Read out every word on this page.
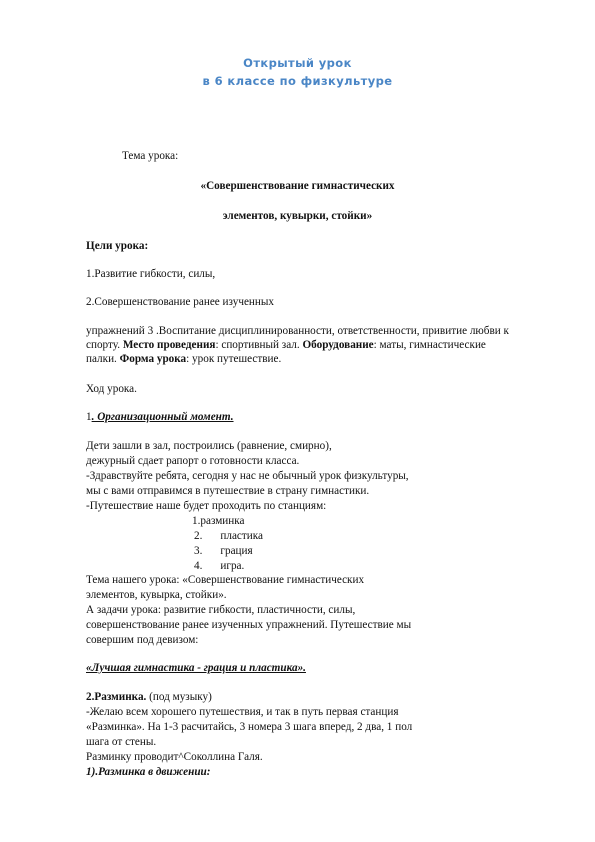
Открытый урок
в 6 классе по физкультуре
Тема урока:
«Совершенствование гимнастических
элементов, кувырки, стойки»
Цели урока:
1.Развитие гибкости, силы,
2.Совершенствование ранее изученных
упражнений 3 .Воспитание дисциплинированности, ответственности, привитие любви к
спорту. Место проведения: спортивный зал. Оборудование: маты, гимнастические
палки. Форма урока: урок путешествие.
Ход урока.
1. Организационный момент.
Дети зашли в зал, построились (равнение, смирно),
дежурный сдает рапорт о готовности класса.
-Здравствуйте ребята, сегодня у нас не обычный урок физкультуры,
мы с вами отправимся в путешествие в страну гимнастики.
-Путешествие наше будет проходить по станциям:
1.разминка
2. пластика
3. грация
4. игра.
Тема нашего урока: «Совершенствование гимнастических
элементов, кувырка, стойки».
А задачи урока: развитие гибкости, пластичности, силы,
совершенствование ранее изученных упражнений. Путешествие мы
совершим под девизом:
«Лучшая гимнастика - грация и пластика».
2.Разминка. (под музыку)
-Желаю всем хорошего путешествия, и так в путь первая станция
«Разминка». На 1-3 расчитайсь, 3 номера 3 шага вперед, 2 два, 1 пол
шага от стены.
Разминку проводит^Соколлина Галя.
1).Разминка в движении:
